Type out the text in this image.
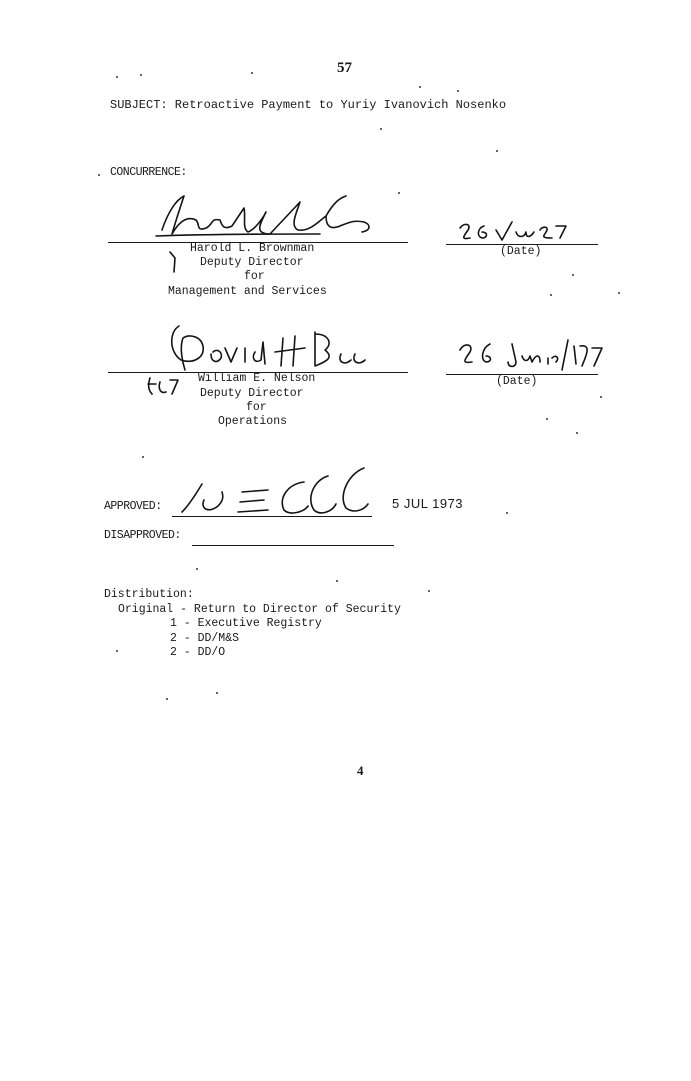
57
SUBJECT: Retroactive Payment to Yuriy Ivanovich Nosenko
CONCURRENCE:
(Date)
Harold L. Brownman
Deputy Director
for
Management and Services
(Date)
William E. Nelson
Deputy Director
for
Operations
APPROVED:	5 JUL 1973
DISAPPROVED:
Distribution:
Original - Return to Director of Security
1 - Executive Registry
2 - DD/M&S
2 - DD/O
4
